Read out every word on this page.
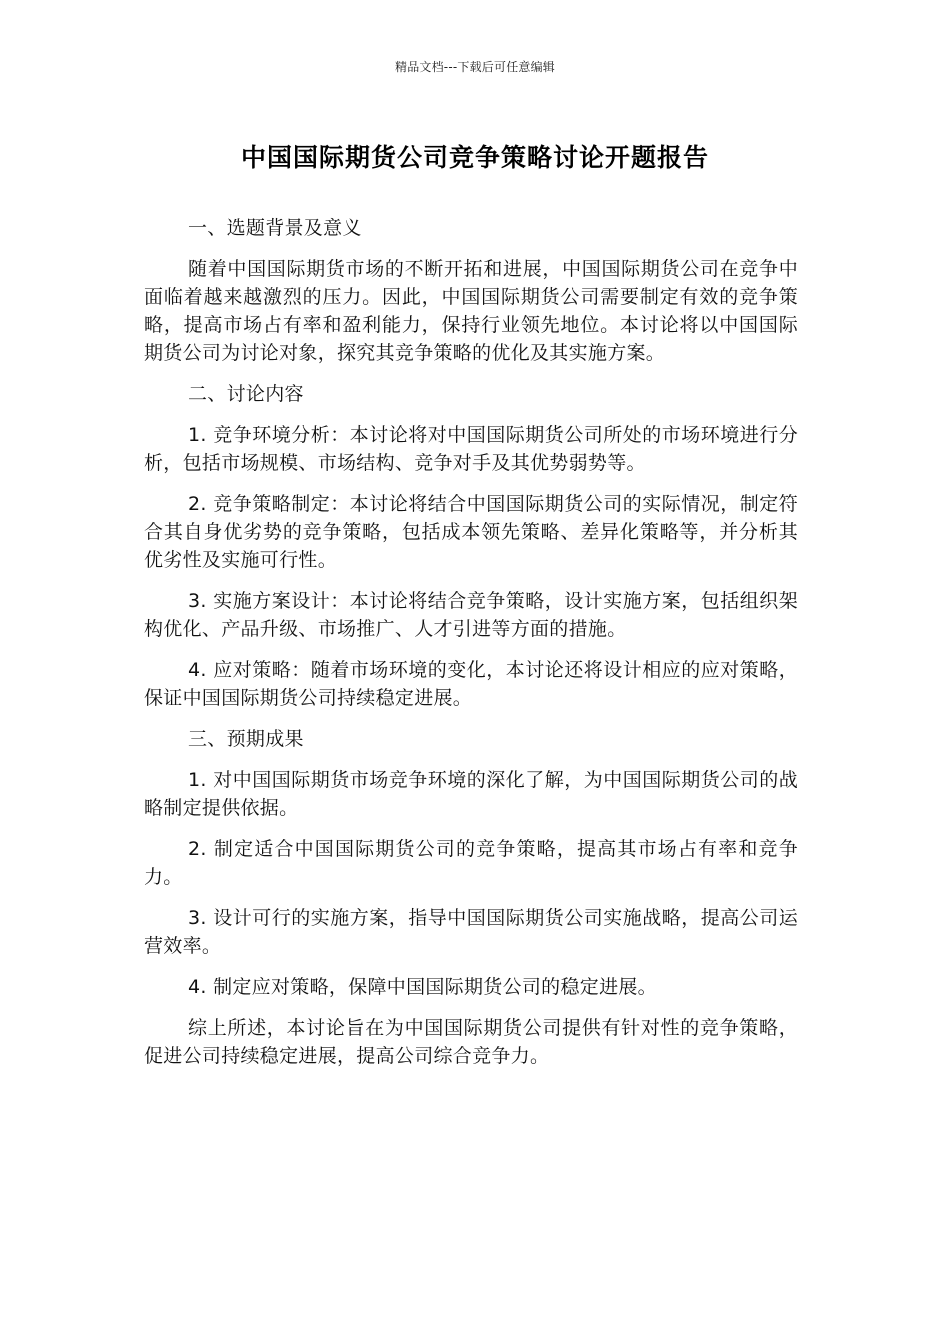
精品文档---下载后可任意编辑
中国国际期货公司竞争策略讨论开题报告

一、选题背景及意义

随着中国国际期货市场的不断开拓和进展，中国国际期货公司在竞争中面临着越来越激烈的压力。因此，中国国际期货公司需要制定有效的竞争策略，提高市场占有率和盈利能力，保持行业领先地位。本讨论将以中国国际期货公司为讨论对象，探究其竞争策略的优化及其实施方案。

二、讨论内容

1. 竞争环境分析：本讨论将对中国国际期货公司所处的市场环境进行分析，包括市场规模、市场结构、竞争对手及其优势弱势等。

2. 竞争策略制定：本讨论将结合中国国际期货公司的实际情况，制定符合其自身优劣势的竞争策略，包括成本领先策略、差异化策略等，并分析其优劣性及实施可行性。

3. 实施方案设计：本讨论将结合竞争策略，设计实施方案，包括组织架构优化、产品升级、市场推广、人才引进等方面的措施。

4. 应对策略：随着市场环境的变化，本讨论还将设计相应的应对策略，保证中国国际期货公司持续稳定进展。

三、预期成果

1. 对中国国际期货市场竞争环境的深化了解，为中国国际期货公司的战略制定提供依据。

2. 制定适合中国国际期货公司的竞争策略，提高其市场占有率和竞争力。

3. 设计可行的实施方案，指导中国国际期货公司实施战略，提高公司运营效率。

4. 制定应对策略，保障中国国际期货公司的稳定进展。

综上所述，本讨论旨在为中国国际期货公司提供有针对性的竞争策略，促进公司持续稳定进展，提高公司综合竞争力。
